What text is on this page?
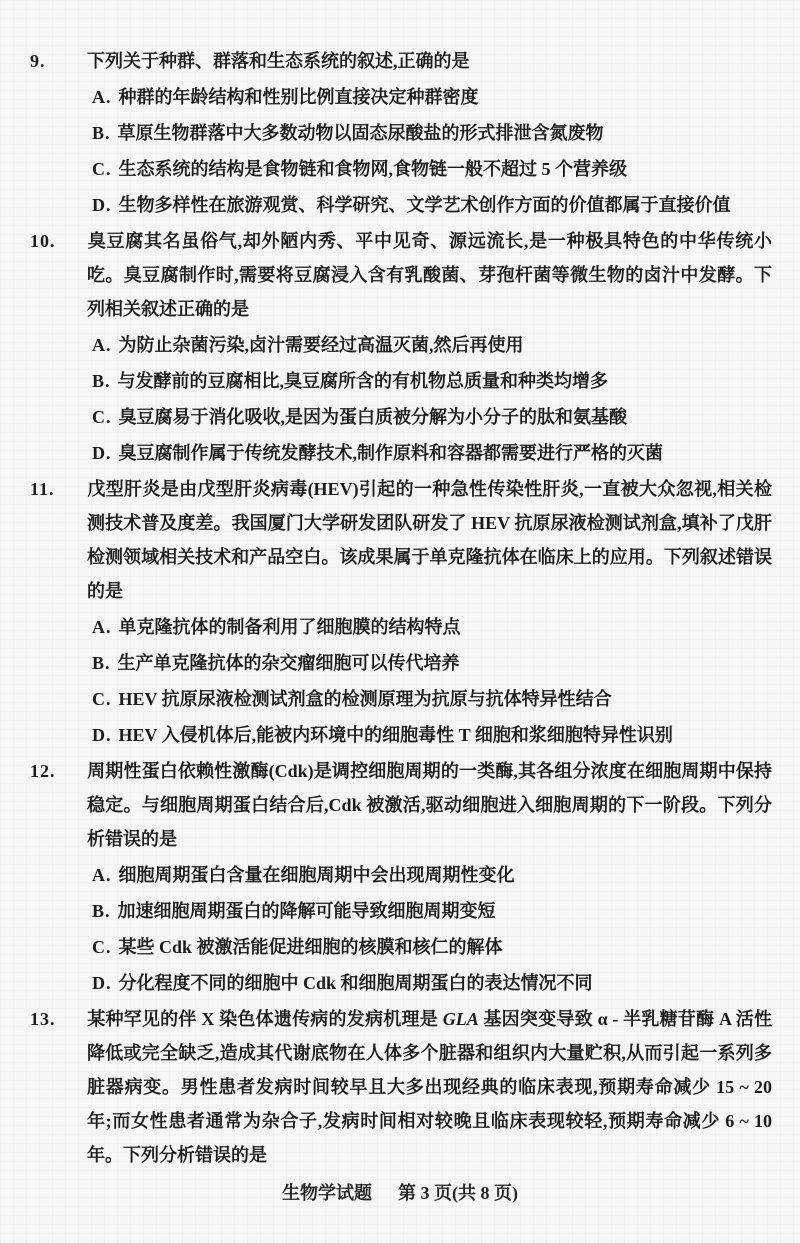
9. 下列关于种群、群落和生态系统的叙述,正确的是

A. 种群的年龄结构和性别比例直接决定种群密度

B. 草原生物群落中大多数动物以固态尿酸盐的形式排泄含氮废物

C. 生态系统的结构是食物链和食物网,食物链一般不超过 5 个营养级

D. 生物多样性在旅游观赏、科学研究、文学艺术创作方面的价值都属于直接价值

10. 臭豆腐其名虽俗气,却外陋内秀、平中见奇、源远流长,是一种极具特色的中华传统小吃。臭豆腐制作时,需要将豆腐浸入含有乳酸菌、芽孢杆菌等微生物的卤汁中发酵。下列相关叙述正确的是

A. 为防止杂菌污染,卤汁需要经过高温灭菌,然后再使用

B. 与发酵前的豆腐相比,臭豆腐所含的有机物总质量和种类均增多

C. 臭豆腐易于消化吸收,是因为蛋白质被分解为小分子的肽和氨基酸

D. 臭豆腐制作属于传统发酵技术,制作原料和容器都需要进行严格的灭菌

11. 戊型肝炎是由戊型肝炎病毒(HEV)引起的一种急性传染性肝炎,一直被大众忽视,相关检测技术普及度差。我国厦门大学研发团队研发了 HEV 抗原尿液检测试剂盒,填补了戊肝检测领域相关技术和产品空白。该成果属于单克隆抗体在临床上的应用。下列叙述错误的是

A. 单克隆抗体的制备利用了细胞膜的结构特点

B. 生产单克隆抗体的杂交瘤细胞可以传代培养

C. HEV 抗原尿液检测试剂盒的检测原理为抗原与抗体特异性结合

D. HEV 入侵机体后,能被内环境中的细胞毒性 T 细胞和浆细胞特异性识别

12. 周期性蛋白依赖性激酶(Cdk)是调控细胞周期的一类酶,其各组分浓度在细胞周期中保持稳定。与细胞周期蛋白结合后,Cdk 被激活,驱动细胞进入细胞周期的下一阶段。下列分析错误的是

A. 细胞周期蛋白含量在细胞周期中会出现周期性变化

B. 加速细胞周期蛋白的降解可能导致细胞周期变短

C. 某些 Cdk 被激活能促进细胞的核膜和核仁的解体

D. 分化程度不同的细胞中 Cdk 和细胞周期蛋白的表达情况不同

13. 某种罕见的伴 X 染色体遗传病的发病机理是 GLA 基因突变导致 α - 半乳糖苷酶 A 活性降低或完全缺乏,造成其代谢底物在人体多个脏器和组织内大量贮积,从而引起一系列多脏器病变。男性患者发病时间较早且大多出现经典的临床表现,预期寿命减少 15 ~ 20 年;而女性患者通常为杂合子,发病时间相对较晚且临床表现较轻,预期寿命减少 6 ~ 10 年。下列分析错误的是

生物学试题 第 3 页(共 8 页)
